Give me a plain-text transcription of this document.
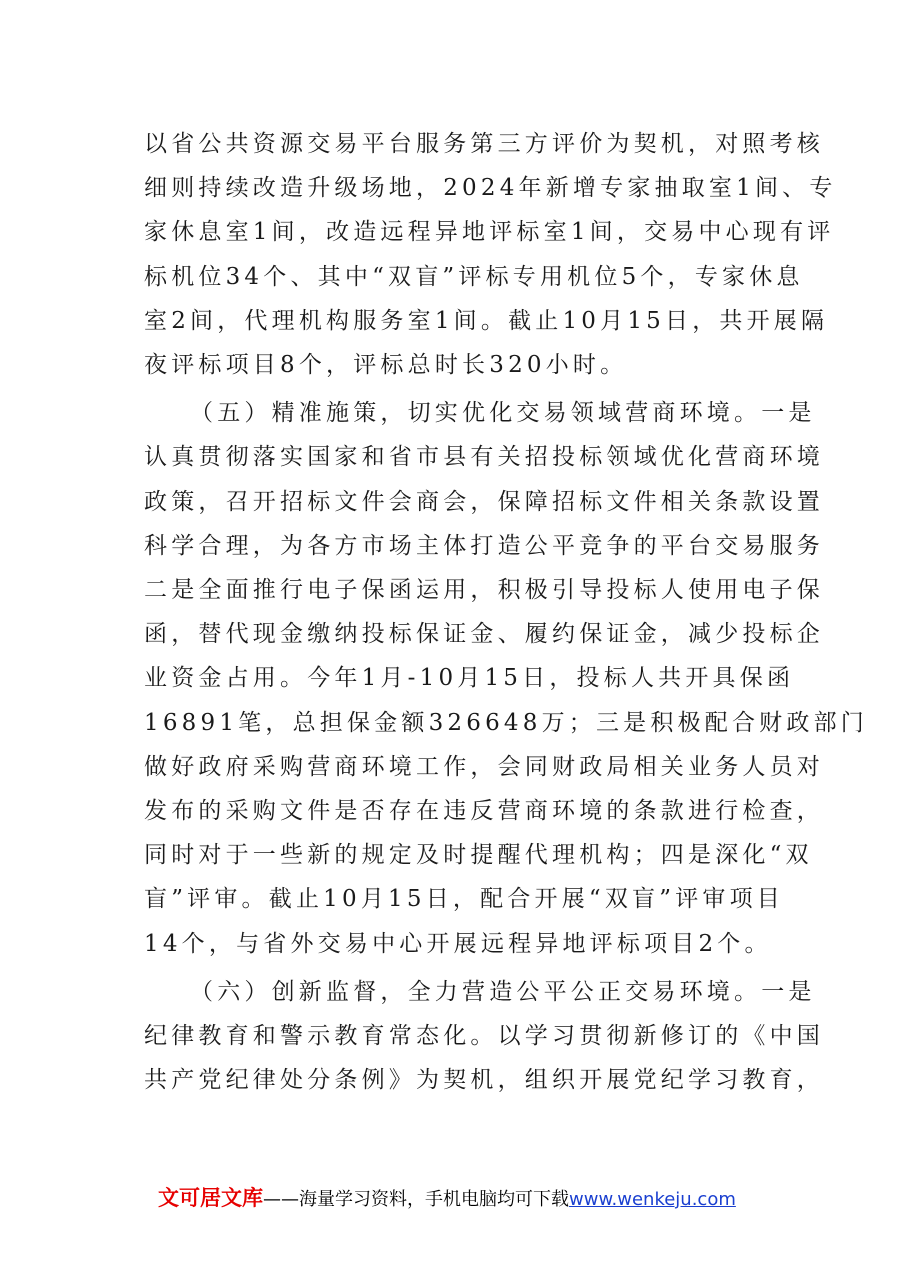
以省公共资源交易平台服务第三方评价为契机，对照考核
细则持续改造升级场地，2024年新增专家抽取室1间、专
家休息室1间，改造远程异地评标室1间，交易中心现有评
标机位34个、其中“双盲”评标专用机位5个，专家休息
室2间，代理机构服务室1间。截止10月15日，共开展隔
夜评标项目8个，评标总时长320小时。
（五）精准施策，切实优化交易领域营商环境。一是
认真贯彻落实国家和省市县有关招投标领域优化营商环境
政策，召开招标文件会商会，保障招标文件相关条款设置
科学合理，为各方市场主体打造公平竞争的平台交易服务
二是全面推行电子保函运用，积极引导投标人使用电子保
函，替代现金缴纳投标保证金、履约保证金，减少投标企
业资金占用。今年1月-10月15日，投标人共开具保函
16891笔，总担保金额326648万；三是积极配合财政部门
做好政府采购营商环境工作，会同财政局相关业务人员对
发布的采购文件是否存在违反营商环境的条款进行检查，
同时对于一些新的规定及时提醒代理机构；四是深化“双
盲”评审。截止10月15日，配合开展“双盲”评审项目
14个，与省外交易中心开展远程异地评标项目2个。
（六）创新监督，全力营造公平公正交易环境。一是
纪律教育和警示教育常态化。以学习贯彻新修订的《中国
共产党纪律处分条例》为契机，组织开展党纪学习教育，
文可居文库——海量学习资料，手机电脑均可下载www.wenkeju.com
